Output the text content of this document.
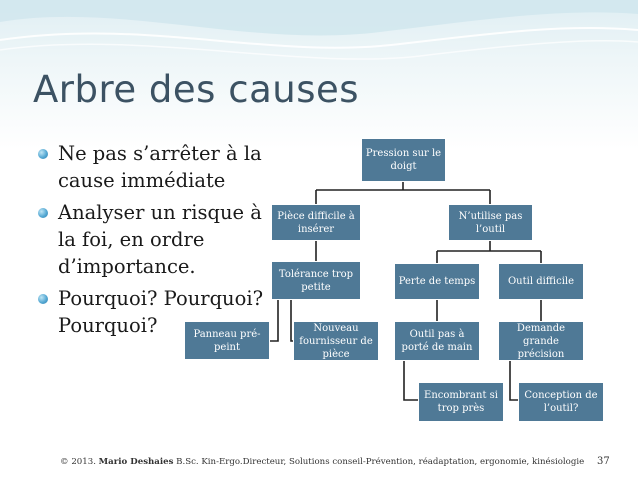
Arbre des causes
Ne pas s’arrêter à la cause immédiate
Analyser un risque à la foi, en ordre d’importance.
Pourquoi? Pourquoi? Pourquoi?
Pression sur le doigt
Pièce difficile à insérer
N’utilise pas l’outil
Tolérance trop petite	Perte de temps	Outil difficile
Panneau pré-peint
Nouveau fournisseur de pièce
Outil pas à porté de main
Demande grande précision
Encombrant si trop près
Conception de l’outil?
© 2013. Mario Deshaies B.Sc. Kin-Ergo.Directeur, Solutions conseil-Prévention, réadaptation, ergonomie, kinésiologie 37
